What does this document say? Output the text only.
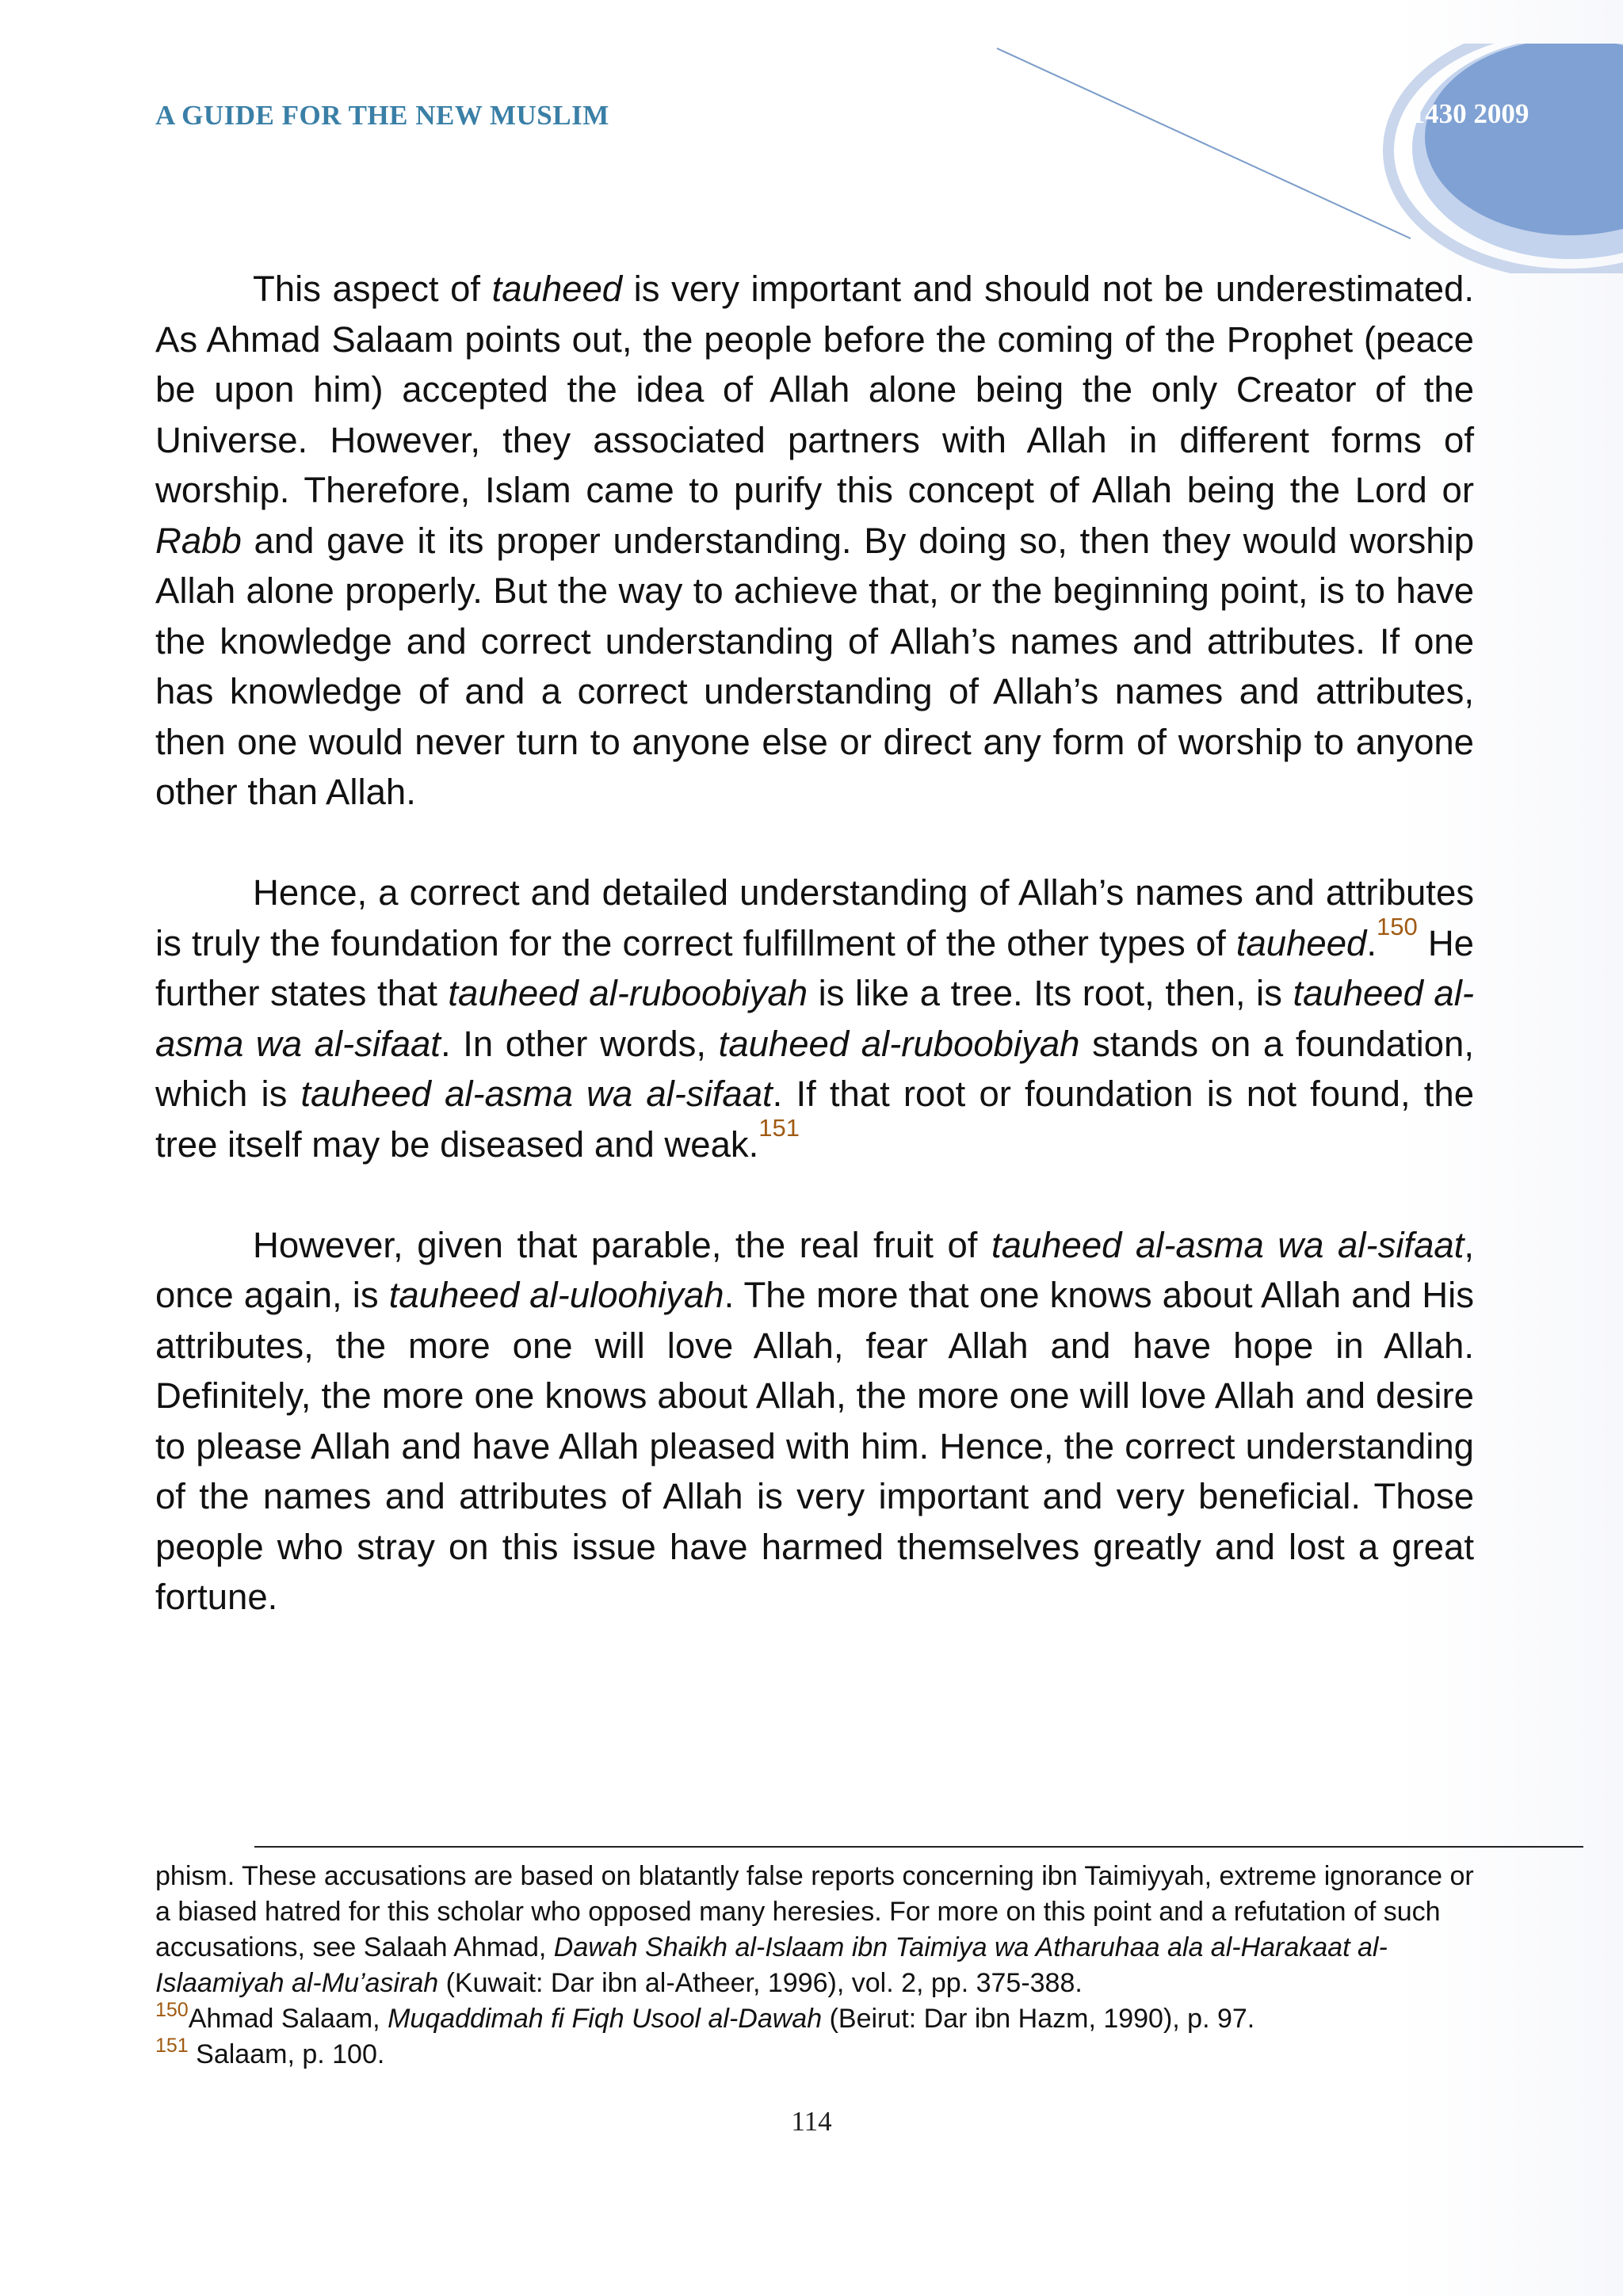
A GUIDE FOR THE NEW MUSLIM	1430 2009

This aspect of tauheed is very important and should not be underestimated. As Ahmad Salaam points out, the people before the coming of the Prophet (peace be upon him) accepted the idea of Allah alone being the only Creator of the Universe. However, they associated partners with Allah in different forms of worship. Therefore, Islam came to purify this concept of Allah being the Lord or Rabb and gave it its proper understanding. By doing so, then they would worship Allah alone properly. But the way to achieve that, or the beginning point, is to have the knowledge and correct understanding of Allah’s names and attributes. If one has knowledge of and a correct understanding of Allah’s names and attributes, then one would never turn to anyone else or direct any form of worship to anyone other than Allah.

Hence, a correct and detailed understanding of Allah’s names and attributes is truly the foundation for the correct fulfillment of the other types of tauheed.$^{150}$ He further states that tauheed al-ruboobiyah is like a tree. Its root, then, is tauheed al-asma wa al-sifaat. In other words, tauheed al-ruboobiyah stands on a foundation, which is tauheed al-asma wa al-sifaat. If that root or foundation is not found, the tree itself may be diseased and weak.$^{151}$

However, given that parable, the real fruit of tauheed al-asma wa al-sifaat, once again, is tauheed al-uloohiyah. The more that one knows about Allah and His attributes, the more one will love Allah, fear Allah and have hope in Allah. Definitely, the more one knows about Allah, the more one will love Allah and desire to please Allah and have Allah pleased with him. Hence, the correct understanding of the names and attributes of Allah is very important and very beneficial. Those people who stray on this issue have harmed themselves greatly and lost a great fortune.

phism. These accusations are based on blatantly false reports concerning ibn Taimiyyah, extreme ignorance or a biased hatred for this scholar who opposed many heresies. For more on this point and a refutation of such accusations, see Salaah Ahmad, Dawah Shaikh al-Islaam ibn Taimiya wa Atharuhaa ala al-Harakaat al-Islaamiyah al-Mu’asirah (Kuwait: Dar ibn al-Atheer, 1996), vol. 2, pp. 375-388.

$^{150}$Ahmad Salaam, Muqaddimah fi Fiqh Usool al-Dawah (Beirut: Dar ibn Hazm, 1990), p. 97.

$^{151}$ Salaam, p. 100.

114
